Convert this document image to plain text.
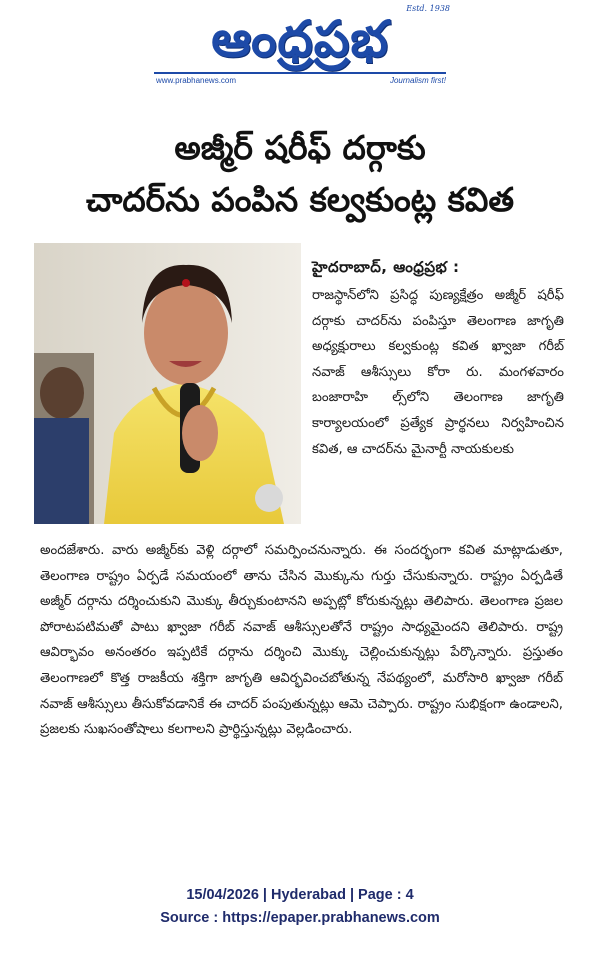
Estd. 1938
ఆంధ్రప్రభ
www.prabhanews.com	Journalism first!
అజ్మీర్ షరీఫ్ దర్గాకు
చాదర్‌ను పంపిన కల్వకుంట్ల కవిత
హైదరాబాద్, ఆంధ్రప్రభ :

రాజస్థాన్‌లోని ప్రసిద్ధ పుణ్యక్షేత్రం అజ్మీర్ షరీఫ్ దర్గాకు చాదర్‌ను పంపిస్తూ తెలంగాణ జాగృతి అధ్యక్షురాలు కల్వకుంట్ల కవిత ఖ్వాజా గరీబ్ నవాజ్ ఆశీస్సులు కోరా రు. మంగళవారం బంజారాహి ల్స్‌లోని తెలంగాణ జాగృతి కార్యాలయంలో ప్రత్యేక ప్రార్థనలు నిర్వహించిన కవిత, ఆ చాదర్‌ను మైనార్టీ నాయకులకు

అందజేశారు. వారు అజ్మీర్‌కు వెళ్లి దర్గాలో సమర్పించనున్నారు. ఈ సందర్భంగా కవిత మాట్లాడుతూ, తెలంగాణ రాష్ట్రం ఏర్పడే సమయంలో తాను చేసిన మొక్కును గుర్తు చేసుకున్నారు. రాష్ట్రం ఏర్పడితే అజ్మీర్ దర్గాను దర్శించుకుని మొక్కు తీర్చుకుంటానని అప్పట్లో కోరుకున్నట్లు తెలిపారు. తెలంగాణ ప్రజల పోరాటపటిమతో పాటు ఖ్వాజా గరీబ్ నవాజ్ ఆశీస్సులతోనే రాష్ట్రం సాధ్యమైందని తెలిపారు. రాష్ట్ర ఆవిర్భావం అనంతరం ఇప్పటికే దర్గాను దర్శించి మొక్కు చెల్లించుకున్నట్లు పేర్కొన్నారు. ప్రస్తుతం తెలంగాణలో కొత్త రాజకీయ శక్తిగా జాగృతి ఆవిర్భవించబోతున్న నేపథ్యంలో, మరోసారి ఖ్వాజా గరీబ్ నవాజ్ ఆశీస్సులు తీసుకోవడానికే ఈ చాదర్ పంపుతున్నట్లు ఆమె చెప్పారు. రాష్ట్రం సుభిక్షంగా ఉండాలని, ప్రజలకు సుఖసంతోషాలు కలగాలని ప్రార్థిస్తున్నట్లు వెల్లడించారు.

15/04/2026 | Hyderabad | Page : 4
Source : https://epaper.prabhanews.com
